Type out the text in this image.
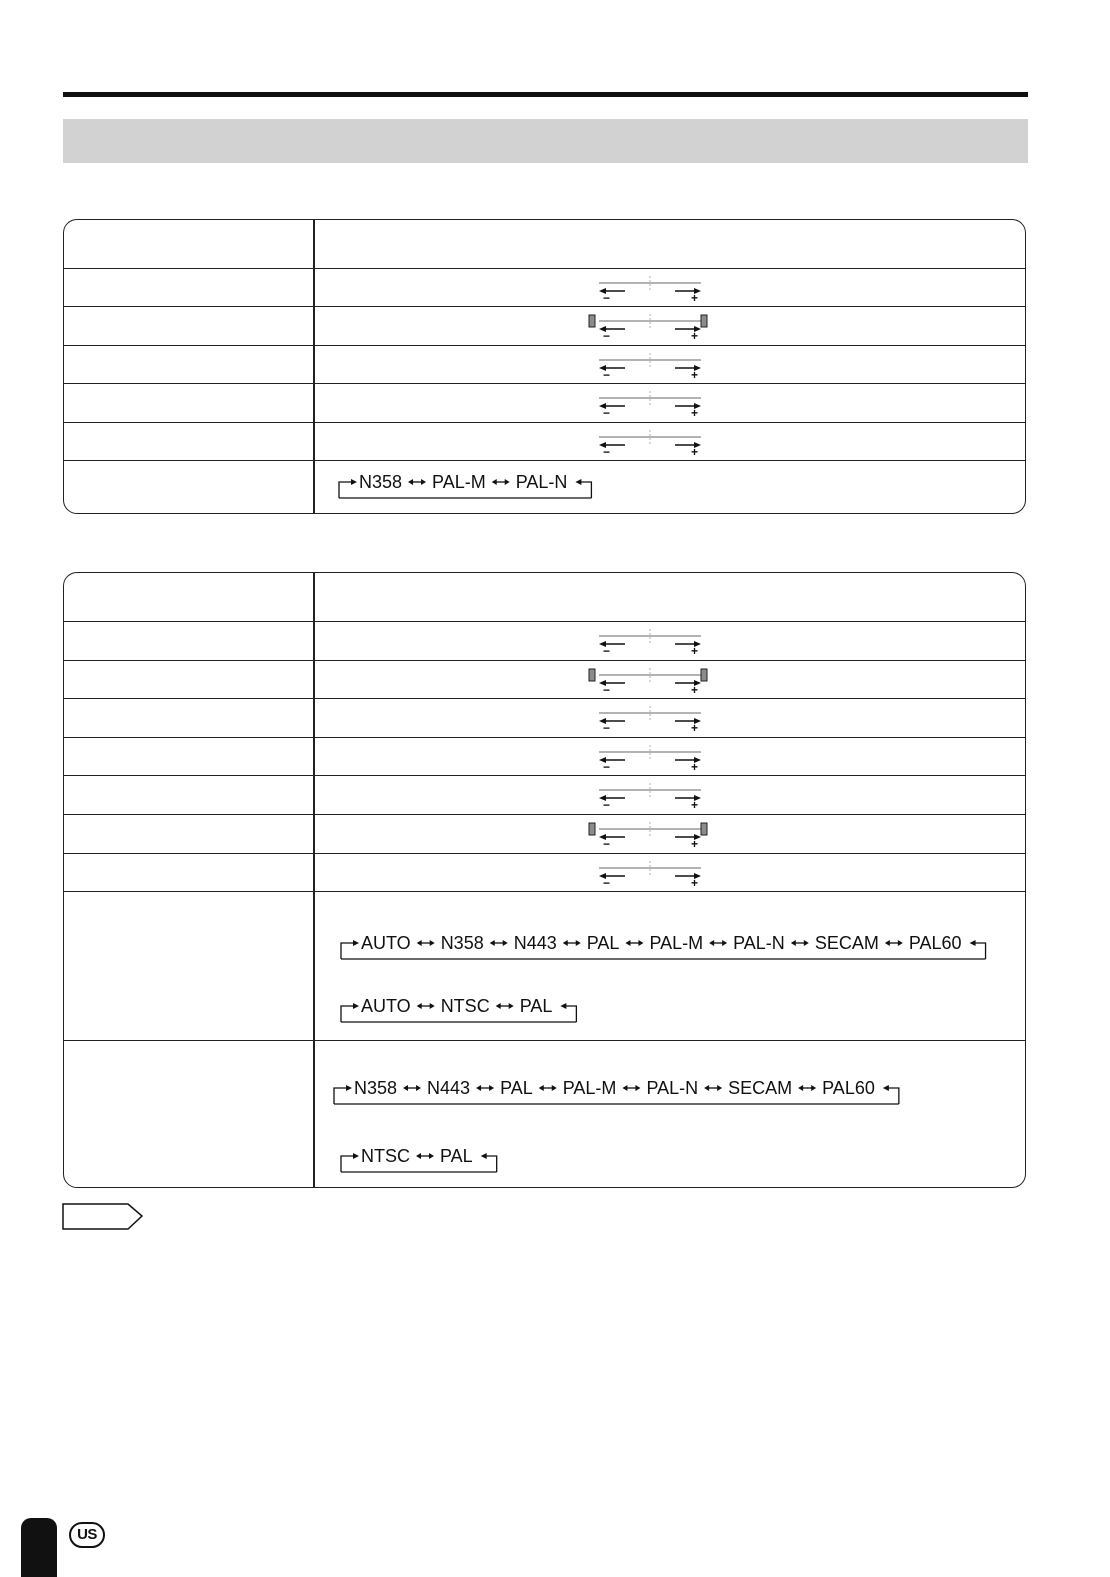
−	+
−	+
−	+
−	+
−	+
N358 PAL-M PAL-N
−	+
−	+
−	+
−	+
−	+
−	+
−	+
AUTO N358 N443 PAL PAL-M PAL-N SECAM PAL60
AUTO NTSC PAL
N358 N443 PAL PAL-M PAL-N SECAM PAL60
NTSC PAL
US
